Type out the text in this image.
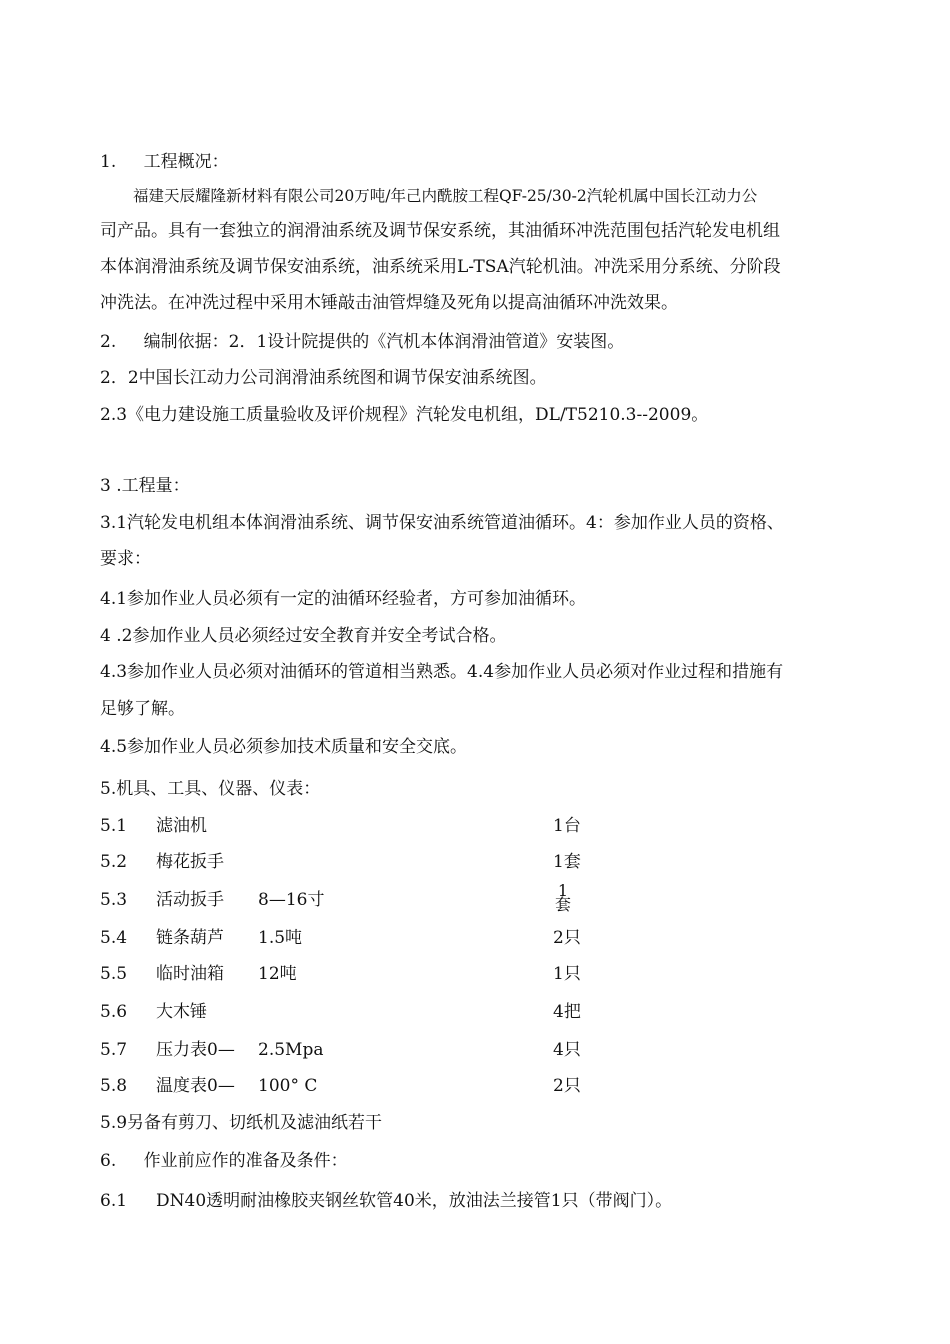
1. 工程概况：

福建天辰耀隆新材料有限公司20万吨/年己内酰胺工程QF-25/30-2汽轮机属中国长江动力公

司产品。具有一套独立的润滑油系统及调节保安系统，其油循环冲洗范围包括汽轮发电机组

本体润滑油系统及调节保安油系统，油系统采用L-TSA汽轮机油。冲洗采用分系统、分阶段

冲洗法。在冲洗过程中采用木锤敲击油管焊缝及死角以提高油循环冲洗效果。

2. 编制依据：2．1设计院提供的《汽机本体润滑油管道》安装图。

2．2中国长江动力公司润滑油系统图和调节保安油系统图。

2.3《电力建设施工质量验收及评价规程》汽轮发电机组，DL/T5210.3--2009。

3 .工程量：

3.1汽轮发电机组本体润滑油系统、调节保安油系统管道油循环。4：参加作业人员的资格、

要求：

4.1参加作业人员必须有一定的油循环经验者，方可参加油循环。

4 .2参加作业人员必须经过安全教育并安全考试合格。

4.3参加作业人员必须对油循环的管道相当熟悉。4.4参加作业人员必须对作业过程和措施有

足够了解。

4.5参加作业人员必须参加技术质量和安全交底。

5.机具、工具、仪器、仪表：

5.1 滤油机	1台

5.2 梅花扳手	1套

5.3 活动扳手 8—16寸	1
套

5.4 链条葫芦 1.5吨	2只

5.5 临时油箱 12吨	1只

5.6 大木锤	4把

5.7 压力表0— 2.5Mpa	4只

5.8 温度表0— 100° C	2只

5.9另备有剪刀、切纸机及滤油纸若干

6. 作业前应作的准备及条件：

6.1 DN40透明耐油橡胶夹钢丝软管40米，放油法兰接管1只（带阀门）。
